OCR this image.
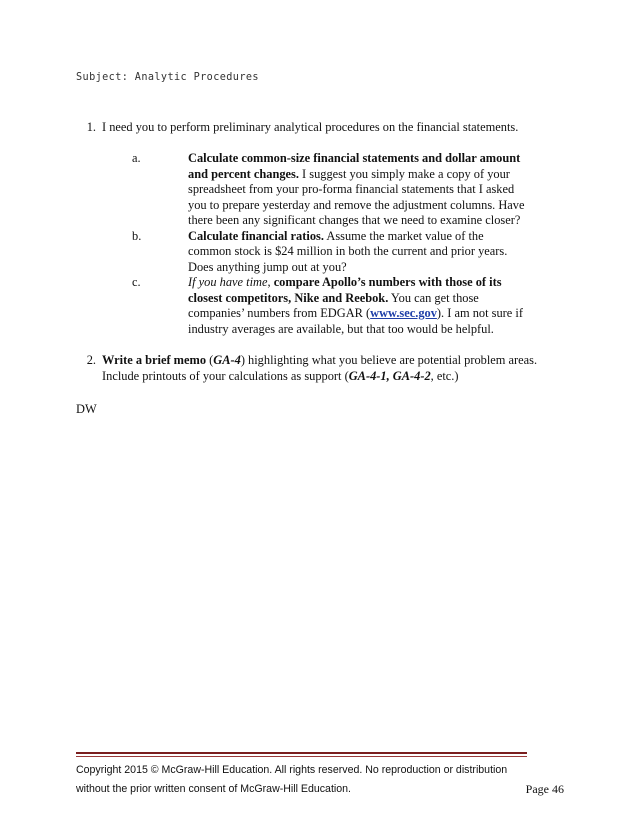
Subject: Analytic Procedures
1. I need you to perform preliminary analytical procedures on the financial statements.
a.	Calculate common-size financial statements and dollar amount and percent changes. I suggest you simply make a copy of your spreadsheet from your pro-forma financial statements that I asked you to prepare yesterday and remove the adjustment columns. Have there been any significant changes that we need to examine closer?
b.	Calculate financial ratios. Assume the market value of the common stock is $24 million in both the current and prior years. Does anything jump out at you?
c.	If you have time, compare Apollo’s numbers with those of its closest competitors, Nike and Reebok. You can get those companies’ numbers from EDGAR (www.sec.gov). I am not sure if industry averages are available, but that too would be helpful.
2. Write a brief memo (GA-4) highlighting what you believe are potential problem areas. Include printouts of your calculations as support (GA-4-1, GA-4-2, etc.)
DW
Copyright 2015 © McGraw-Hill Education. All rights reserved. No reproduction or distribution
without the prior written consent of McGraw-Hill Education.	Page 46
